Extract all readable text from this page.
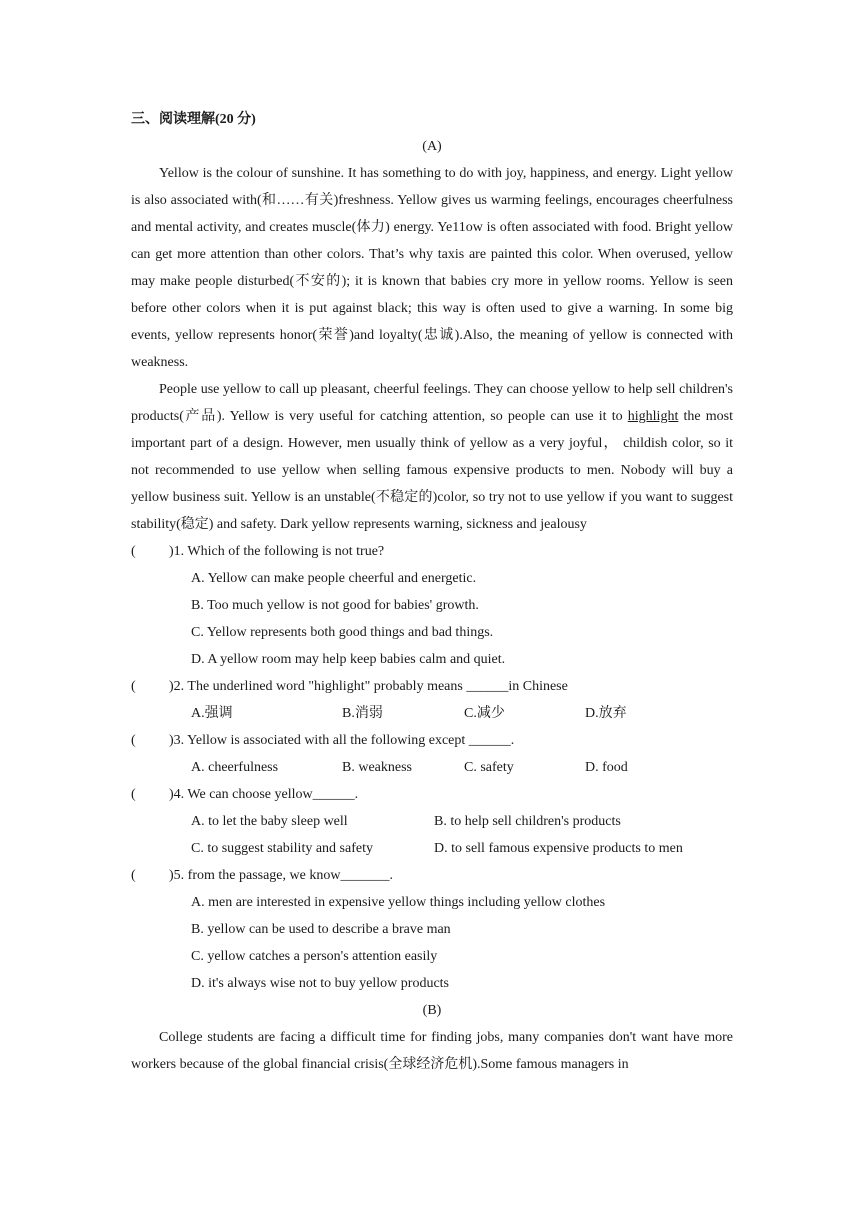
三、阅读理解(20 分)

(A)

Yellow is the colour of sunshine. It has something to do with joy, happiness, and energy. Light yellow is also associated with(和……有关)freshness. Yellow gives us warming feelings, encourages cheerfulness and mental activity, and creates muscle(体力) energy. Ye11ow is often associated with food. Bright yellow can get more attention than other colors. That’s why taxis are painted this color. When overused, yellow may make people disturbed(不安的); it is known that babies cry more in yellow rooms. Yellow is seen before other colors when it is put against black; this way is often used to give a warning. In some big events, yellow represents honor(荣誉)and loyalty(忠诚).Also, the meaning of yellow is connected with weakness.

People use yellow to call up pleasant, cheerful feelings. They can choose yellow to help sell children's products(产品). Yellow is very useful for catching attention, so people can use it to highlight the most important part of a design. However, men usually think of yellow as a very joyful， childish color, so it not recommended to use yellow when selling famous expensive products to men. Nobody will buy a yellow business suit. Yellow is an unstable(不稳定的)color, so try not to use yellow if you want to suggest stability(稳定) and safety. Dark yellow represents warning, sickness and jealousy

( )1. Which of the following is not true?

A. Yellow can make people cheerful and energetic.

B. Too much yellow is not good for babies' growth.

C. Yellow represents both good things and bad things.

D. A yellow room may help keep babies calm and quiet.

( )2. The underlined word "highlight" probably means ______in Chinese

A.强调	B.消弱	C.减少	D.放弃

( )3. Yellow is associated with all the following except ______.

A. cheerfulness	B. weakness	C. safety	D. food

( )4. We can choose yellow______.

A. to let the baby sleep well	B. to help sell children's products

C. to suggest stability and safety	D. to sell famous expensive products to men

( )5. from the passage, we know_______.

A. men are interested in expensive yellow things including yellow clothes

B. yellow can be used to describe a brave man

C. yellow catches a person's attention easily

D. it's always wise not to buy yellow products

(B)

College students are facing a difficult time for finding jobs, many companies don't want have more workers because of the global financial crisis(全球经济危机).Some famous managers in
